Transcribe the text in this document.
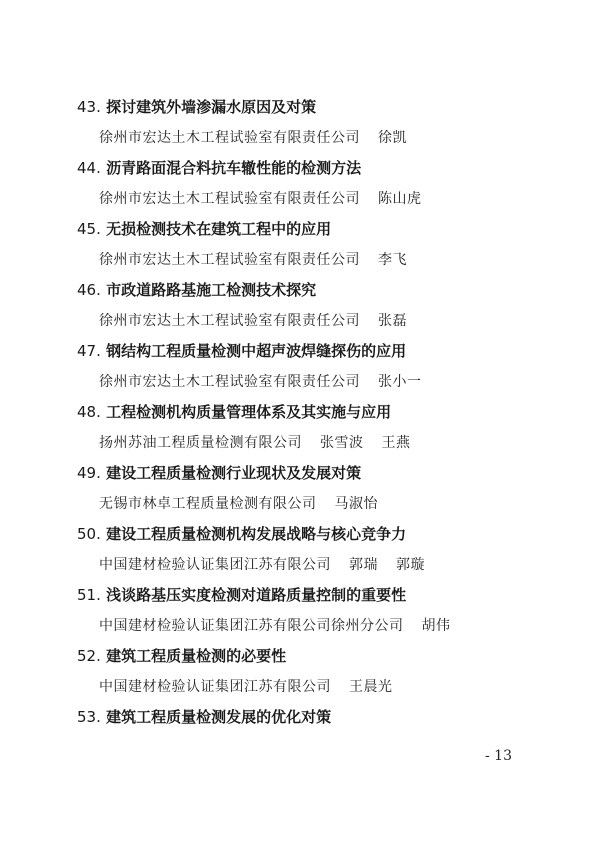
43. 探讨建筑外墙渗漏水原因及对策
徐州市宏达土木工程试验室有限责任公司 徐凯
44. 沥青路面混合料抗车辙性能的检测方法
徐州市宏达土木工程试验室有限责任公司 陈山虎
45. 无损检测技术在建筑工程中的应用
徐州市宏达土木工程试验室有限责任公司 李飞
46. 市政道路路基施工检测技术探究
徐州市宏达土木工程试验室有限责任公司 张磊
47. 钢结构工程质量检测中超声波焊缝探伤的应用
徐州市宏达土木工程试验室有限责任公司 张小一
48. 工程检测机构质量管理体系及其实施与应用
扬州苏油工程质量检测有限公司 张雪波 王燕
49. 建设工程质量检测行业现状及发展对策
无锡市林卓工程质量检测有限公司 马淑怡
50. 建设工程质量检测机构发展战略与核心竞争力
中国建材检验认证集团江苏有限公司 郭瑞 郭璇
51. 浅谈路基压实度检测对道路质量控制的重要性
中国建材检验认证集团江苏有限公司徐州分公司 胡伟
52. 建筑工程质量检测的必要性
中国建材检验认证集团江苏有限公司 王晨光
53. 建筑工程质量检测发展的优化对策
- 13
